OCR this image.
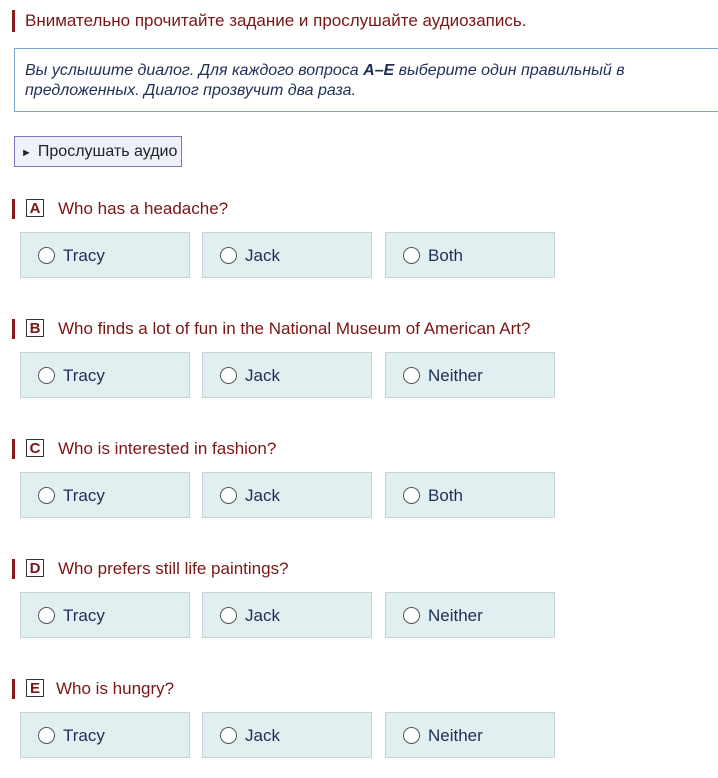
Внимательно прочитайте задание и прослушайте аудиозапись.
Вы услышите диалог. Для каждого вопроса A–E выберите один правильный в
предложенных. Диалог прозвучит два раза.
► Прослушать аудио
A Who has a headache?
Tracy	Jack	Both
B Who finds a lot of fun in the National Museum of American Art?
Tracy	Jack	Neither
C Who is interested in fashion?
Tracy	Jack	Both
D Who prefers still life paintings?
Tracy	Jack	Neither
E Who is hungry?
Tracy	Jack	Neither
